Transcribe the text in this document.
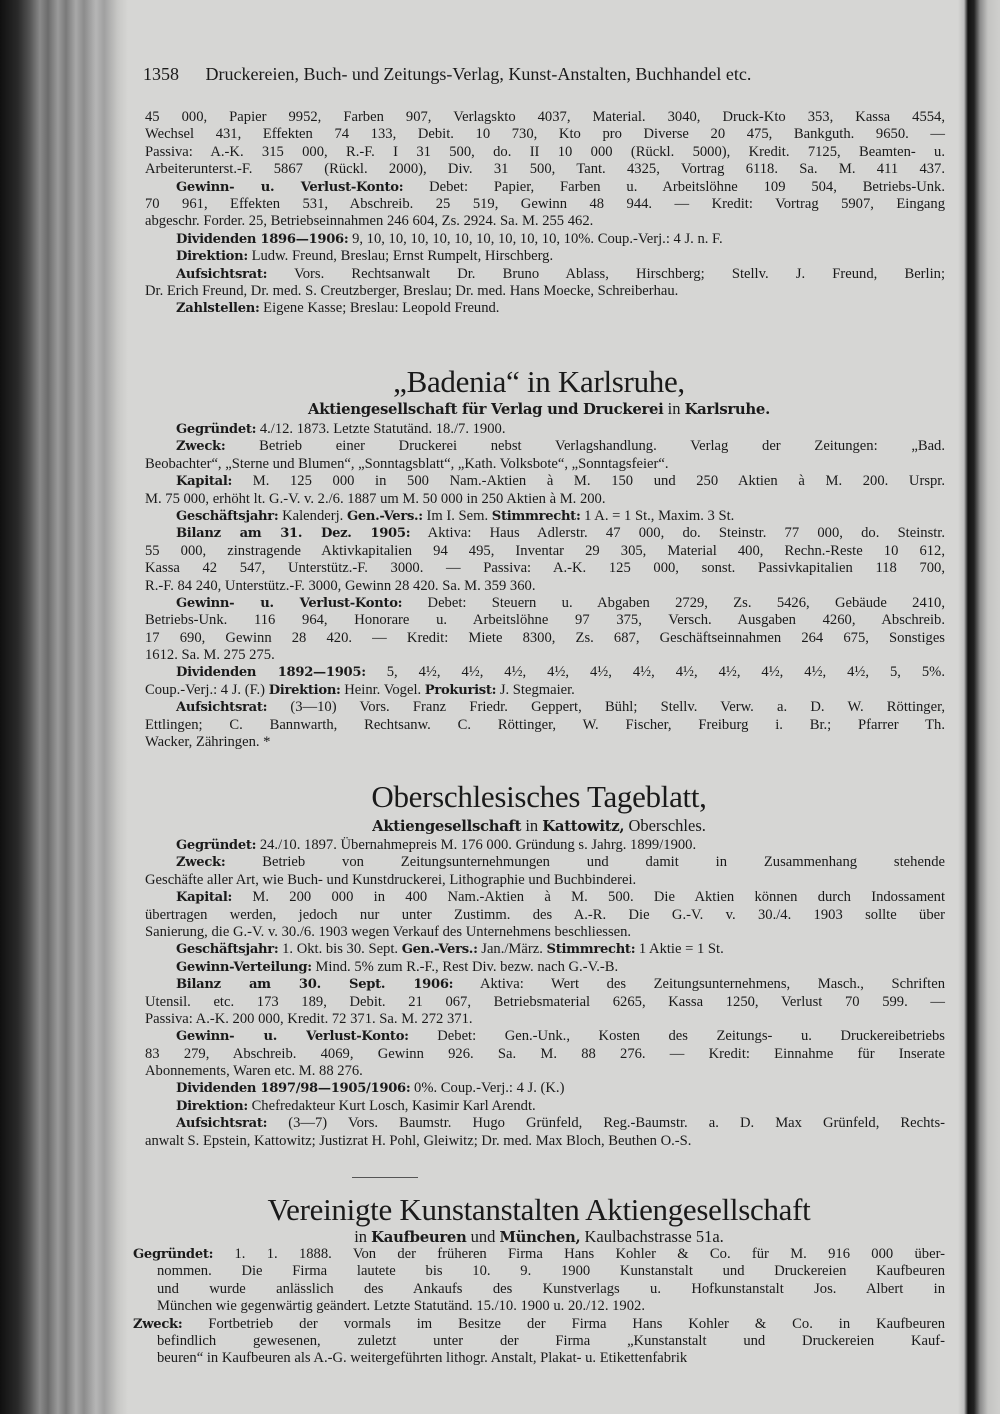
1358 Druckereien, Buch- und Zeitungs-Verlag, Kunst-Anstalten, Buchhandel etc.
45 000, Papier 9952, Farben 907, Verlagskto 4037, Material. 3040, Druck-Kto 353, Kassa 4554,
Wechsel 431, Effekten 74 133, Debit. 10 730, Kto pro Diverse 20 475, Bankguth. 9650. —
Passiva: A.-K. 315 000, R.-F. I 31 500, do. II 10 000 (Rückl. 5000), Kredit. 7125, Beamten- u.
Arbeiterunterst.-F. 5867 (Rückl. 2000), Div. 31 500, Tant. 4325, Vortrag 6118. Sa. M. 411 437.
Gewinn- u. Verlust-Konto: Debet: Papier, Farben u. Arbeitslöhne 109 504, Betriebs-Unk.
70 961, Effekten 531, Abschreib. 25 519, Gewinn 48 944. — Kredit: Vortrag 5907, Eingang
abgeschr. Forder. 25, Betriebseinnahmen 246 604, Zs. 2924. Sa. M. 255 462.
Dividenden 1896—1906: 9, 10, 10, 10, 10, 10, 10, 10, 10, 10, 10%. Coup.-Verj.: 4 J. n. F.
Direktion: Ludw. Freund, Breslau; Ernst Rumpelt, Hirschberg.
Aufsichtsrat: Vors. Rechtsanwalt Dr. Bruno Ablass, Hirschberg; Stellv. J. Freund, Berlin;
Dr. Erich Freund, Dr. med. S. Creutzberger, Breslau; Dr. med. Hans Moecke, Schreiberhau.
Zahlstellen: Eigene Kasse; Breslau: Leopold Freund.
„Badenia“ in Karlsruhe,
Aktiengesellschaft für Verlag und Druckerei in Karlsruhe.
Gegründet: 4./12. 1873. Letzte Statutänd. 18./7. 1900.
Zweck: Betrieb einer Druckerei nebst Verlagshandlung. Verlag der Zeitungen: „Bad.
Beobachter“, „Sterne und Blumen“, „Sonntagsblatt“, „Kath. Volksbote“, „Sonntagsfeier“.
Kapital: M. 125 000 in 500 Nam.-Aktien à M. 150 und 250 Aktien à M. 200. Urspr.
M. 75 000, erhöht lt. G.-V. v. 2./6. 1887 um M. 50 000 in 250 Aktien à M. 200.
Geschäftsjahr: Kalenderj. Gen.-Vers.: Im I. Sem. Stimmrecht: 1 A. = 1 St., Maxim. 3 St.
Bilanz am 31. Dez. 1905: Aktiva: Haus Adlerstr. 47 000, do. Steinstr. 77 000, do. Steinstr.
55 000, zinstragende Aktivkapitalien 94 495, Inventar 29 305, Material 400, Rechn.-Reste 10 612,
Kassa 42 547, Unterstütz.-F. 3000. — Passiva: A.-K. 125 000, sonst. Passivkapitalien 118 700,
R.-F. 84 240, Unterstütz.-F. 3000, Gewinn 28 420. Sa. M. 359 360.
Gewinn- u. Verlust-Konto: Debet: Steuern u. Abgaben 2729, Zs. 5426, Gebäude 2410,
Betriebs-Unk. 116 964, Honorare u. Arbeitslöhne 97 375, Versch. Ausgaben 4260, Abschreib.
17 690, Gewinn 28 420. — Kredit: Miete 8300, Zs. 687, Geschäftseinnahmen 264 675, Sonstiges
1612. Sa. M. 275 275.
Dividenden 1892—1905: 5, 4½, 4½, 4½, 4½, 4½, 4½, 4½, 4½, 4½, 4½, 4½, 5, 5%.
Coup.-Verj.: 4 J. (F.) Direktion: Heinr. Vogel. Prokurist: J. Stegmaier.
Aufsichtsrat: (3—10) Vors. Franz Friedr. Geppert, Bühl; Stellv. Verw. a. D. W. Röttinger,
Ettlingen; C. Bannwarth, Rechtsanw. C. Röttinger, W. Fischer, Freiburg i. Br.; Pfarrer Th.
Wacker, Zähringen. *
Oberschlesisches Tageblatt,
Aktiengesellschaft in Kattowitz, Oberschles.
Gegründet: 24./10. 1897. Übernahmepreis M. 176 000. Gründung s. Jahrg. 1899/1900.
Zweck: Betrieb von Zeitungsunternehmungen und damit in Zusammenhang stehende
Geschäfte aller Art, wie Buch- und Kunstdruckerei, Lithographie und Buchbinderei.
Kapital: M. 200 000 in 400 Nam.-Aktien à M. 500. Die Aktien können durch Indossament
übertragen werden, jedoch nur unter Zustimm. des A.-R. Die G.-V. v. 30./4. 1903 sollte über
Sanierung, die G.-V. v. 30./6. 1903 wegen Verkauf des Unternehmens beschliessen.
Geschäftsjahr: 1. Okt. bis 30. Sept. Gen.-Vers.: Jan./März. Stimmrecht: 1 Aktie = 1 St.
Gewinn-Verteilung: Mind. 5% zum R.-F., Rest Div. bezw. nach G.-V.-B.
Bilanz am 30. Sept. 1906: Aktiva: Wert des Zeitungsunternehmens, Masch., Schriften
Utensil. etc. 173 189, Debit. 21 067, Betriebsmaterial 6265, Kassa 1250, Verlust 70 599. —
Passiva: A.-K. 200 000, Kredit. 72 371. Sa. M. 272 371.
Gewinn- u. Verlust-Konto: Debet: Gen.-Unk., Kosten des Zeitungs- u. Druckereibetriebs
83 279, Abschreib. 4069, Gewinn 926. Sa. M. 88 276. — Kredit: Einnahme für Inserate
Abonnements, Waren etc. M. 88 276.
Dividenden 1897/98—1905/1906: 0%. Coup.-Verj.: 4 J. (K.)
Direktion: Chefredakteur Kurt Losch, Kasimir Karl Arendt.
Aufsichtsrat: (3—7) Vors. Baumstr. Hugo Grünfeld, Reg.-Baumstr. a. D. Max Grünfeld, Rechts-
anwalt S. Epstein, Kattowitz; Justizrat H. Pohl, Gleiwitz; Dr. med. Max Bloch, Beuthen O.-S.
Vereinigte Kunstanstalten Aktiengesellschaft
in Kaufbeuren und München, Kaulbachstrasse 51a.
Gegründet: 1. 1. 1888. Von der früheren Firma Hans Kohler & Co. für M. 916 000 über-
nommen. Die Firma lautete bis 10. 9. 1900 Kunstanstalt und Druckereien Kaufbeuren
und wurde anlässlich des Ankaufs des Kunstverlags u. Hofkunstanstalt Jos. Albert in
München wie gegenwärtig geändert. Letzte Statutänd. 15./10. 1900 u. 20./12. 1902.
Zweck: Fortbetrieb der vormals im Besitze der Firma Hans Kohler & Co. in Kaufbeuren
befindlich gewesenen, zuletzt unter der Firma „Kunstanstalt und Druckereien Kauf-
beuren“ in Kaufbeuren als A.-G. weitergeführten lithogr. Anstalt, Plakat- u. Etikettenfabrik
